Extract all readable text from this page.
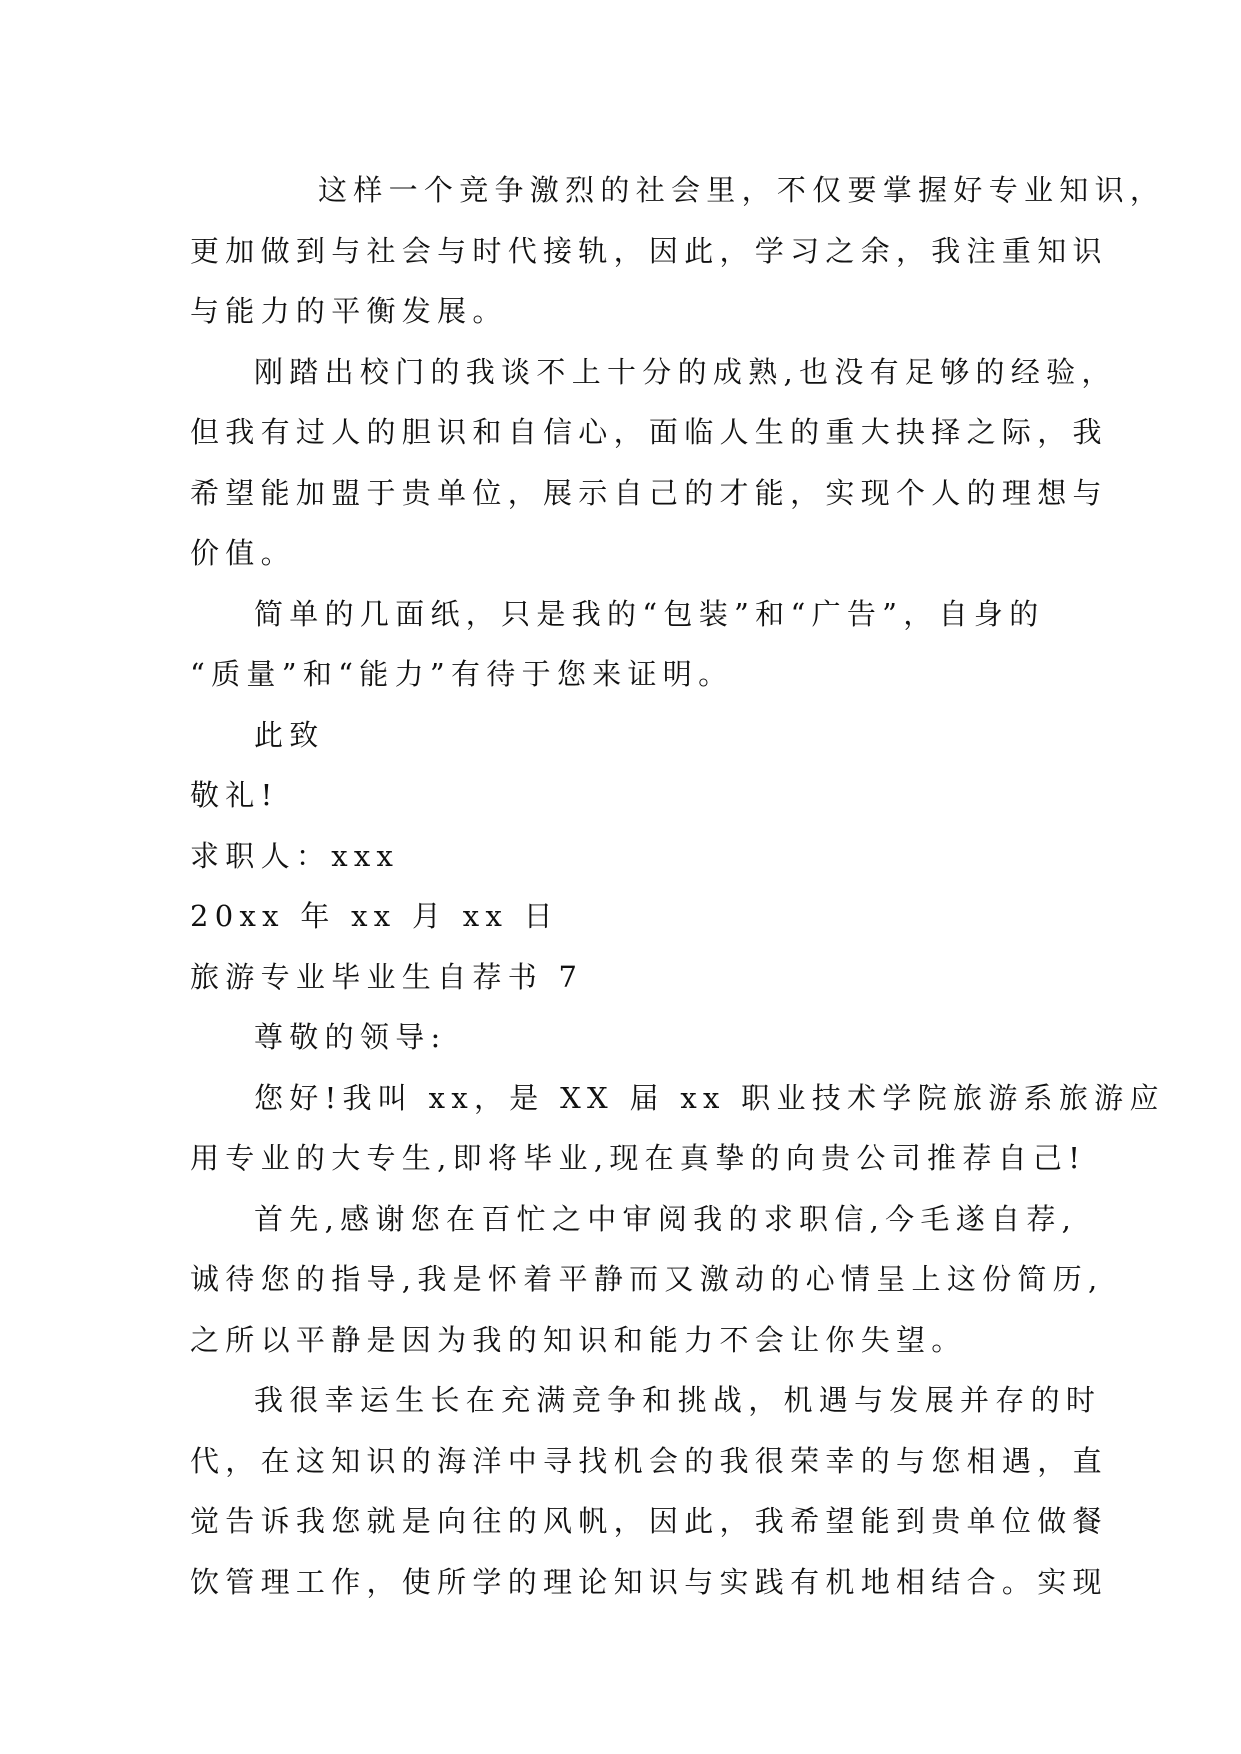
这样一个竞争激烈的社会里，不仅要掌握好专业知识，
更加做到与社会与时代接轨，因此，学习之余，我注重知识
与能力的平衡发展。

刚踏出校门的我谈不上十分的成熟,也没有足够的经验，
但我有过人的胆识和自信心，面临人生的重大抉择之际，我
希望能加盟于贵单位，展示自己的才能，实现个人的理想与
价值。

简单的几面纸，只是我的“包装”和“广告”，自身的
“质量”和“能力”有待于您来证明。

此致

敬礼!

求职人：xxx

20xx 年 xx 月 xx 日

旅游专业毕业生自荐书 7

尊敬的领导:

您好!我叫 xx，是 XX 届 xx 职业技术学院旅游系旅游应
用专业的大专生,即将毕业,现在真挚的向贵公司推荐自己!

首先,感谢您在百忙之中审阅我的求职信,今毛遂自荐,
诚待您的指导,我是怀着平静而又激动的心情呈上这份简历,
之所以平静是因为我的知识和能力不会让你失望。

我很幸运生长在充满竞争和挑战，机遇与发展并存的时
代，在这知识的海洋中寻找机会的我很荣幸的与您相遇，直
觉告诉我您就是向往的风帆，因此，我希望能到贵单位做餐
饮管理工作，使所学的理论知识与实践有机地相结合。实现
